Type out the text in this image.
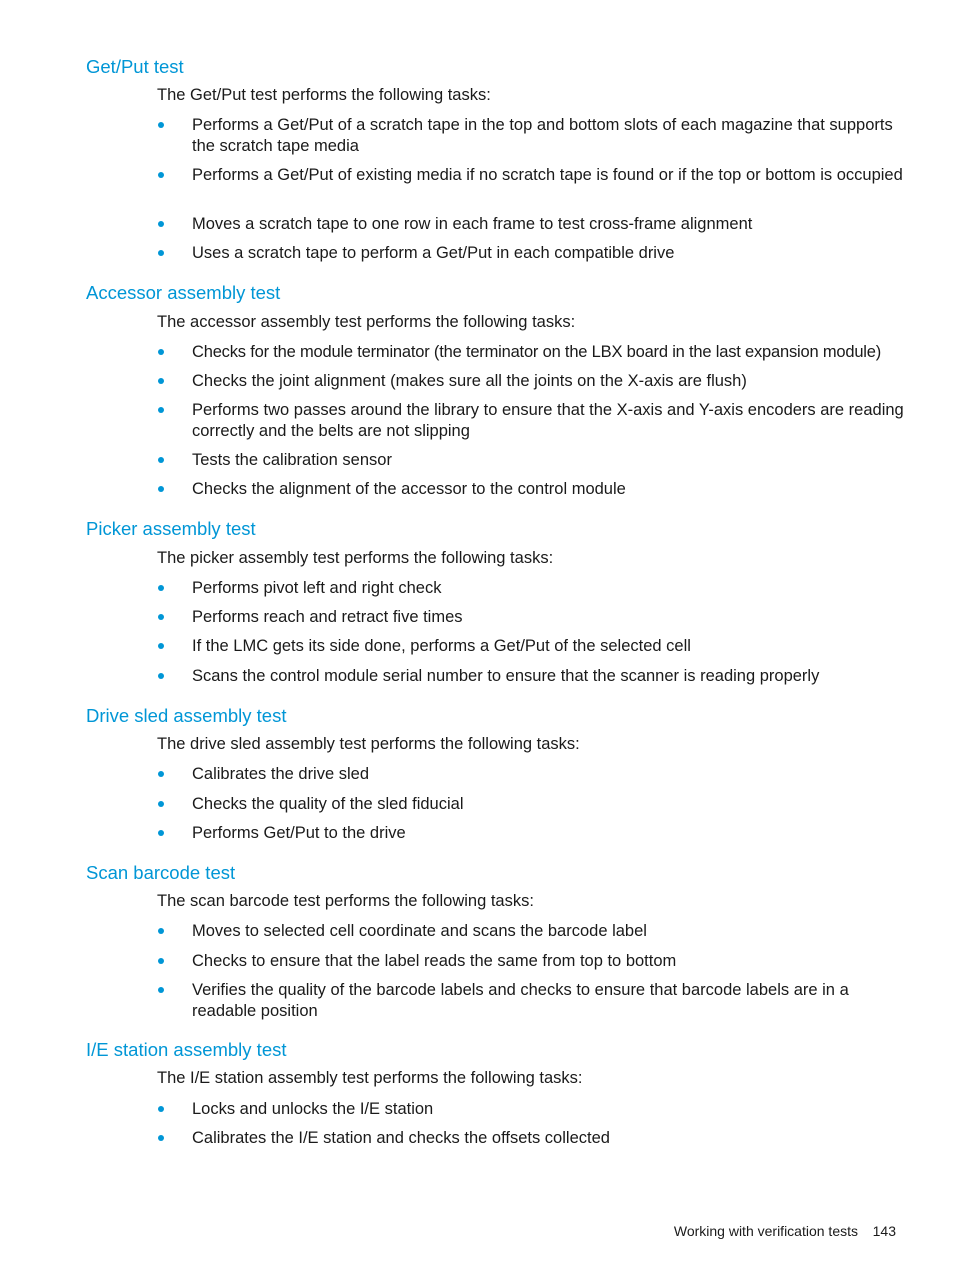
Get/Put test

The Get/Put test performs the following tasks:

Performs a Get/Put of a scratch tape in the top and bottom slots of each magazine that supports the scratch tape media
Performs a Get/Put of existing media if no scratch tape is found or if the top or bottom is occupied
Moves a scratch tape to one row in each frame to test cross-frame alignment
Uses a scratch tape to perform a Get/Put in each compatible drive
Accessor assembly test

The accessor assembly test performs the following tasks:

Checks for the module terminator (the terminator on the LBX board in the last expansion module)
Checks the joint alignment (makes sure all the joints on the X-axis are flush)
Performs two passes around the library to ensure that the X-axis and Y-axis encoders are reading correctly and the belts are not slipping
Tests the calibration sensor
Checks the alignment of the accessor to the control module
Picker assembly test

The picker assembly test performs the following tasks:

Performs pivot left and right check
Performs reach and retract five times
If the LMC gets its side done, performs a Get/Put of the selected cell
Scans the control module serial number to ensure that the scanner is reading properly
Drive sled assembly test

The drive sled assembly test performs the following tasks:

Calibrates the drive sled
Checks the quality of the sled fiducial
Performs Get/Put to the drive
Scan barcode test

The scan barcode test performs the following tasks:

Moves to selected cell coordinate and scans the barcode label
Checks to ensure that the label reads the same from top to bottom
Verifies the quality of the barcode labels and checks to ensure that barcode labels are in a readable position
I/E station assembly test

The I/E station assembly test performs the following tasks:

Locks and unlocks the I/E station
Calibrates the I/E station and checks the offsets collected
Working with verification tests 143
